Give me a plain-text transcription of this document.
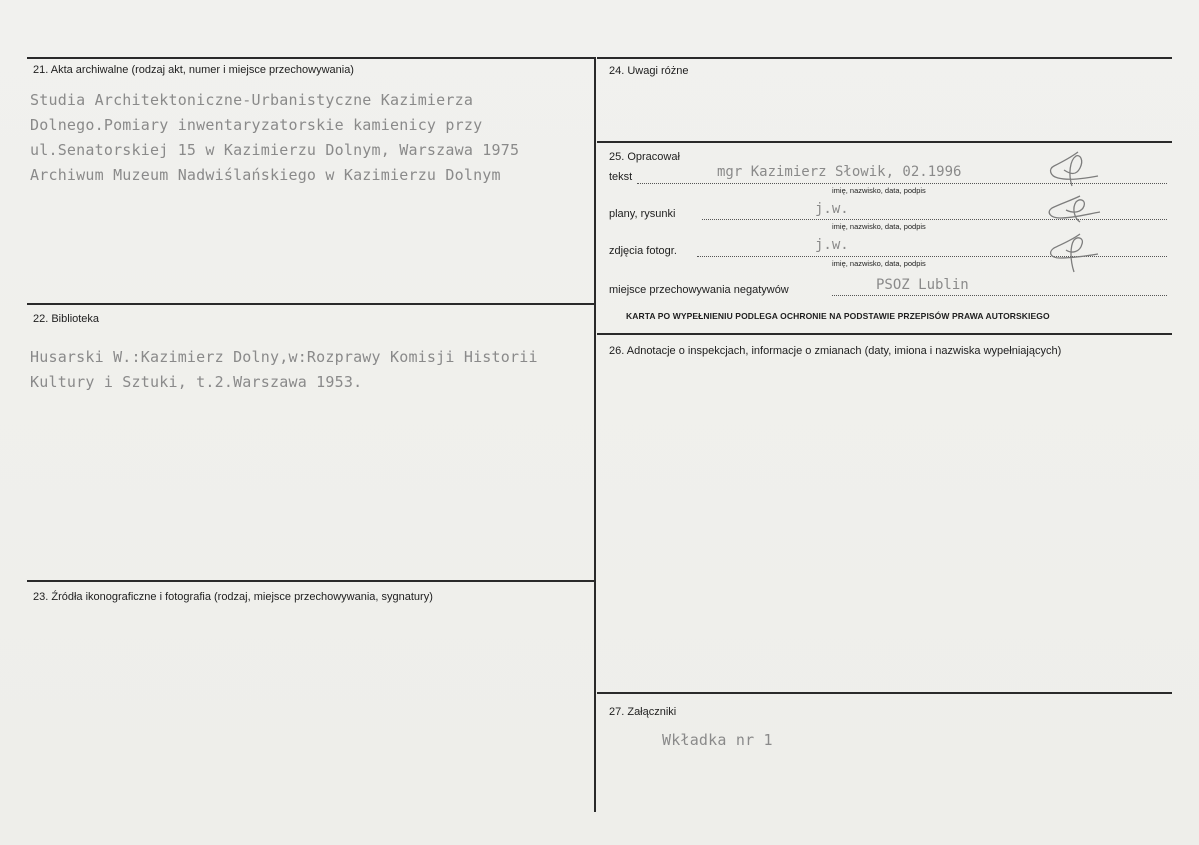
21. Akta archiwalne (rodzaj akt, numer i miejsce przechowywania)
Studia Architektoniczne-Urbanistyczne Kazimierza
Dolnego.Pomiary inwentaryzatorskie kamienicy przy
ul.Senatorskiej 15 w Kazimierzu Dolnym, Warszawa 1975
Archiwum Muzeum Nadwiślańskiego w Kazimierzu Dolnym
22. Biblioteka
Husarski W.:Kazimierz Dolny,w:Rozprawy Komisji Historii
Kultury i Sztuki, t.2.Warszawa 1953.
23. Źródła ikonograficzne i fotografia (rodzaj, miejsce przechowywania, sygnatury)
24. Uwagi różne
25. Opracował
tekst	mgr Kazimierz Słowik, 02.1996
imię, nazwisko, data, podpis
plany, rysunki	j.w.
imię, nazwisko, data, podpis
zdjęcia fotogr.	j.w.
imię, nazwisko, data, podpis
miejsce przechowywania negatywów	PSOZ Lublin
KARTA PO WYPEŁNIENIU PODLEGA OCHRONIE NA PODSTAWIE PRZEPISÓW PRAWA AUTORSKIEGO
26. Adnotacje o inspekcjach, informacje o zmianach (daty, imiona i nazwiska wypełniających)
27. Załączniki
Wkładka nr 1
